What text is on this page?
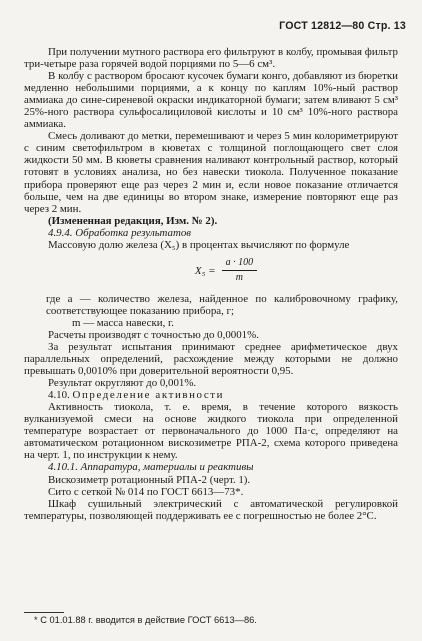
ГОСТ 12812—80 Стр. 13

При получении мутного раствора его фильтруют в колбу, промывая фильтр три-четыре раза горячей водой порциями по 5—6 см³.

В колбу с раствором бросают кусочек бумаги конго, добавляют из бюретки медленно небольшими порциями, а к концу по каплям 10%-ный раствор аммиака до сине-сиреневой окраски индикаторной бумаги; затем вливают 5 см³ 25%-ного раствора сульфосалициловой кислоты и 10 см³ 10%-ного раствора аммиака.

Смесь доливают до метки, перемешивают и через 5 мин колориметрируют с синим светофильтром в кюветах с толщиной поглощающего свет слоя жидкости 50 мм. В кюветы сравнения наливают контрольный раствор, который готовят в условиях анализа, но без навески тиокола. Полученное показание прибора проверяют еще раз через 2 мин и, если новое показание отличается больше, чем на две единицы во втором знаке, измерение повторяют еще раз через 2 мин.

(Измененная редакция, Изм. № 2).

4.9.4. Обработка результатов

Массовую долю железа (X₅) в процентах вычисляют по формуле

$X_5 = \frac{a \cdot 100}{m}$
где a — количество железа, найденное по калибровочному графику, соответствующее показанию прибора, г;

m — масса навески, г.

Расчеты производят с точностью до 0,0001%.

За результат испытания принимают среднее арифметическое двух параллельных определений, расхождение между которыми не должно превышать 0,0010% при доверительной вероятности 0,95.

Результат округляют до 0,001%.

4.10. Определение активности

Активность тиокола, т. е. время, в течение которого вязкость вулканизуемой смеси на основе жидкого тиокола при определенной температуре возрастает от первоначального до 1000 Па·с, определяют на автоматическом ротационном вискозиметре РПА-2, схема которого приведена на черт. 1, по инструкции к нему.

4.10.1. Аппаратура, материалы и реактивы

Вискозиметр ротационный РПА-2 (черт. 1).

Сито с сеткой № 014 по ГОСТ 6613—73*.

Шкаф сушильный электрический с автоматической регулировкой температуры, позволяющей поддерживать ее с погрешностью не более 2°С.

* С 01.01.88 г. вводится в действие ГОСТ 6613—86.
